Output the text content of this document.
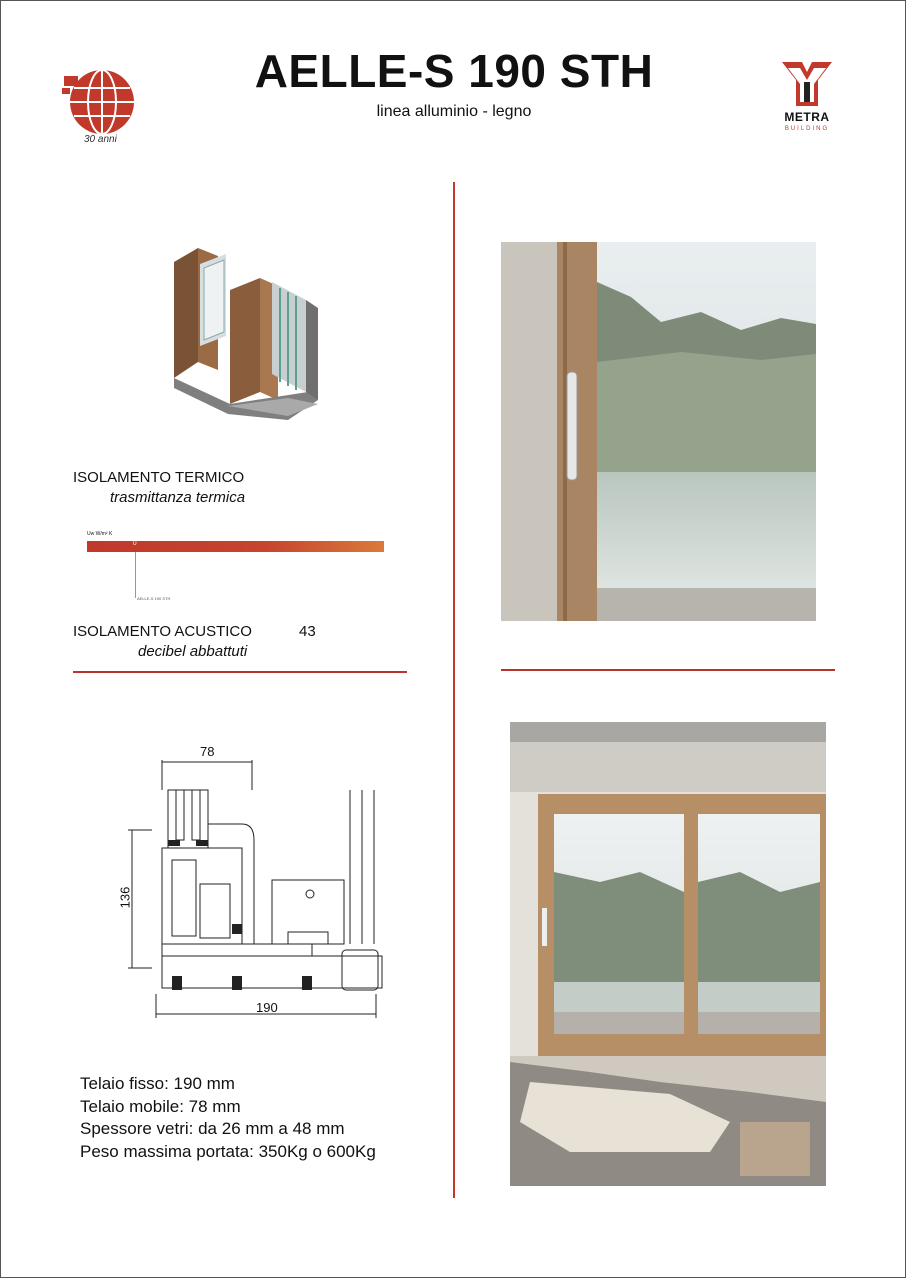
AELLE-S 190 STH
linea alluminio - legno
30 anni
METRA
BUILDING
ISOLAMENTO TERMICO
trasmittanza termica
Uw W/m² K
U
AELLE-S 190 STH
ISOLAMENTO ACUSTICO	43
decibel abbattuti
78
136
190
Telaio fisso: 190 mm
Telaio mobile: 78 mm
Spessore vetri: da 26 mm a 48 mm
Peso massima portata: 350Kg o 600Kg
